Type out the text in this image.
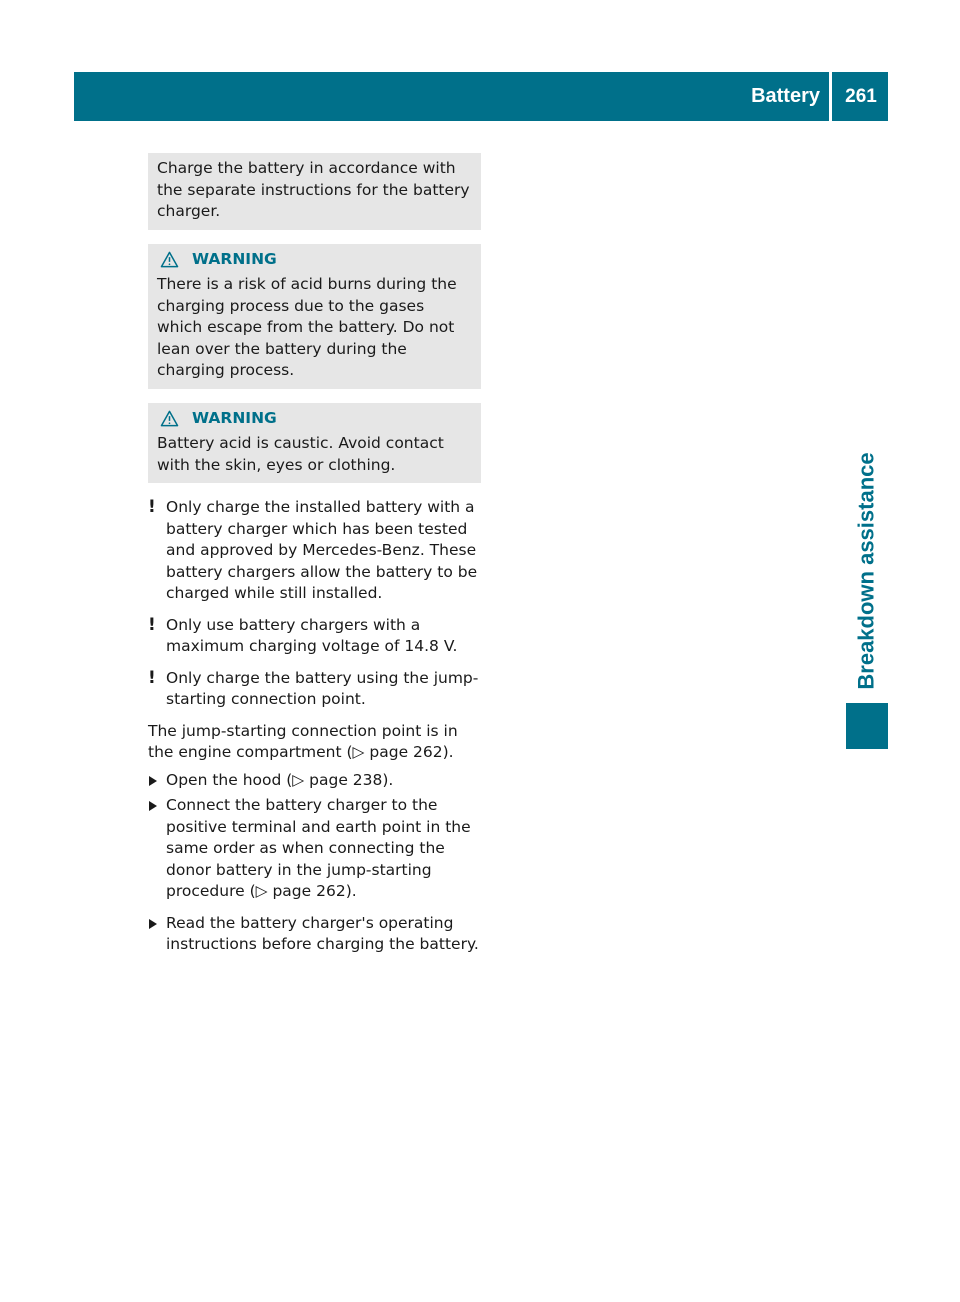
Battery	261
Breakdown assistance

Charge the battery in accordance with the separate instructions for the battery charger.

WARNING

There is a risk of acid burns during the charging process due to the gases which escape from the battery. Do not lean over the battery during the charging process.

WARNING

Battery acid is caustic. Avoid contact with the skin, eyes or clothing.

! Only charge the installed battery with a battery charger which has been tested and approved by Mercedes-Benz. These battery chargers allow the battery to be charged while still installed.
! Only use battery chargers with a maximum charging voltage of 14.8 V.
! Only charge the battery using the jump-starting connection point.

The jump-starting connection point is in the engine compartment (▷ page 262).

Open the hood (▷ page 238).
Connect the battery charger to the positive terminal and earth point in the same order as when connecting the donor battery in the jump-starting procedure (▷ page 262).
Read the battery charger's operating instructions before charging the battery.
